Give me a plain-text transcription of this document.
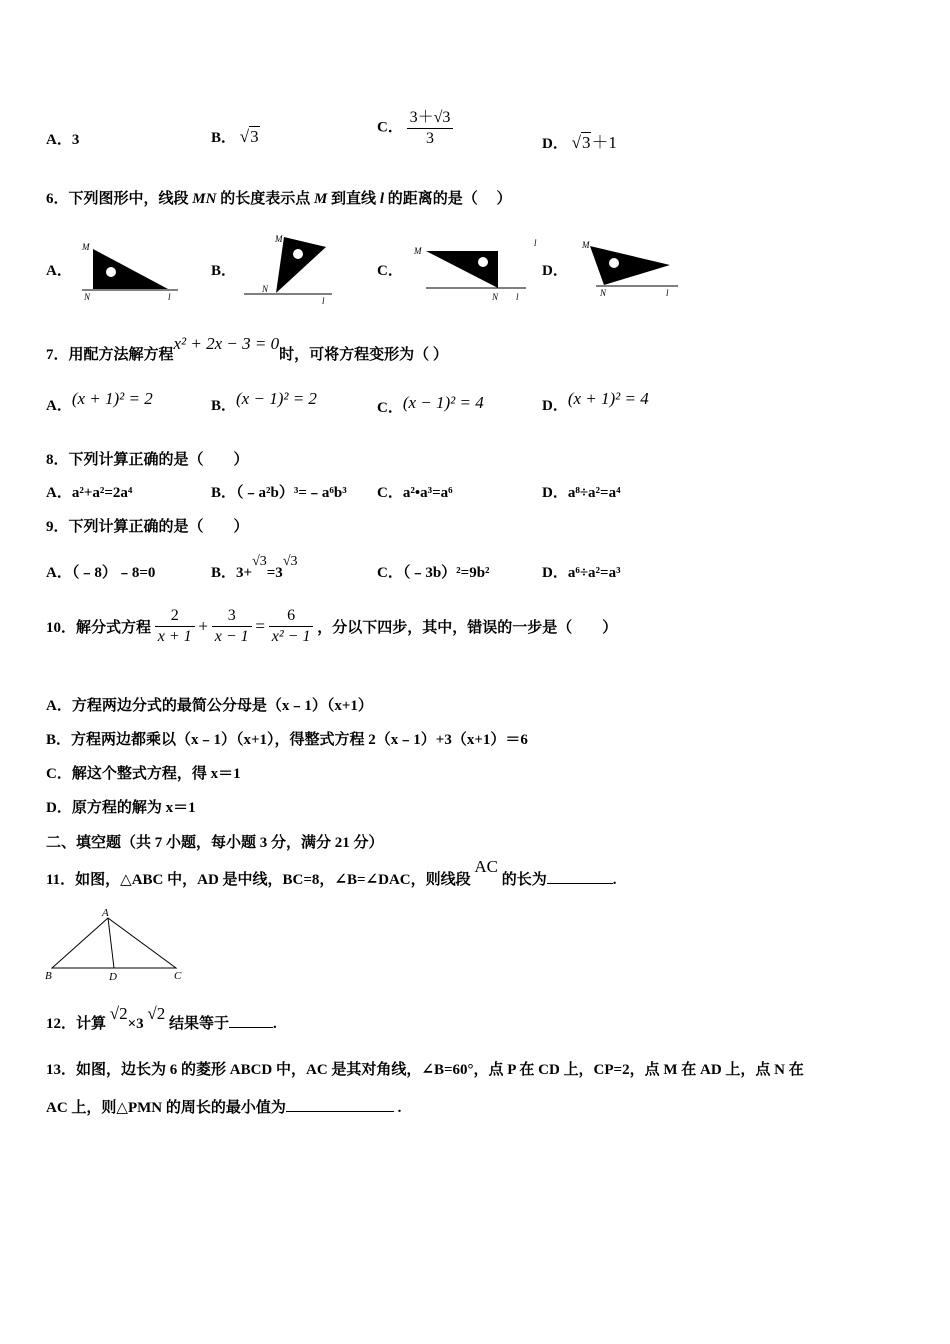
A．3	B． √3	C． $\frac{3+√3}{3}$	D． √3＋1
6．下列图形中，线段 MN 的长度表示点 M 到直线 l 的距离的是（　 ）
A．	B．	C．	D．
M
N	l
M
N
l
M
N l
l	M
N	l
7．用配方法解方程x² + 2x − 3 = 0时，可将方程变形为（ ）
A．(x + 1)² = 2	B．(x − 1)² = 2	C．(x − 1)² = 4	D．(x + 1)² = 4
8．下列计算正确的是（　　）
A．a²+a²=2a⁴	B．（﹣a²b）³=﹣a⁶b³ C．a²•a³=a⁶	D．a⁸÷a²=a⁴
9．下列计算正确的是（　　）
A．（﹣8）﹣8=0	B．3+√3=3√3
C．（﹣3b）²=9b²	D．a⁶÷a²=a³
10．解分式方程 $\frac{2}{x + 1} + \frac{3}{x - 1} = \frac{6}{\text{x² − 1}}$ ，分以下四步，其中，错误的一步是（　　）
A．方程两边分式的最简公分母是（x﹣1）（x+1）
B．方程两边都乘以（x﹣1）（x+1），得整式方程 2（x﹣1）+3（x+1）＝6
C．解这个整式方程，得 x＝1
D．原方程的解为 x＝1
二、填空题（共 7 小题，每小题 3 分，满分 21 分）
11．如图，△ABC 中，AD 是中线，BC=8，∠B=∠DAC，则线段 AC 的长为	.
A
B	D	C
12．计算 √2×3 √2 结果等于	.
13．如图，边长为 6 的菱形 ABCD 中，AC 是其对角线，∠B=60°，点 P 在 CD 上，CP=2，点 M 在 AD 上，点 N 在
AC 上，则△PMN 的周长的最小值为	.
